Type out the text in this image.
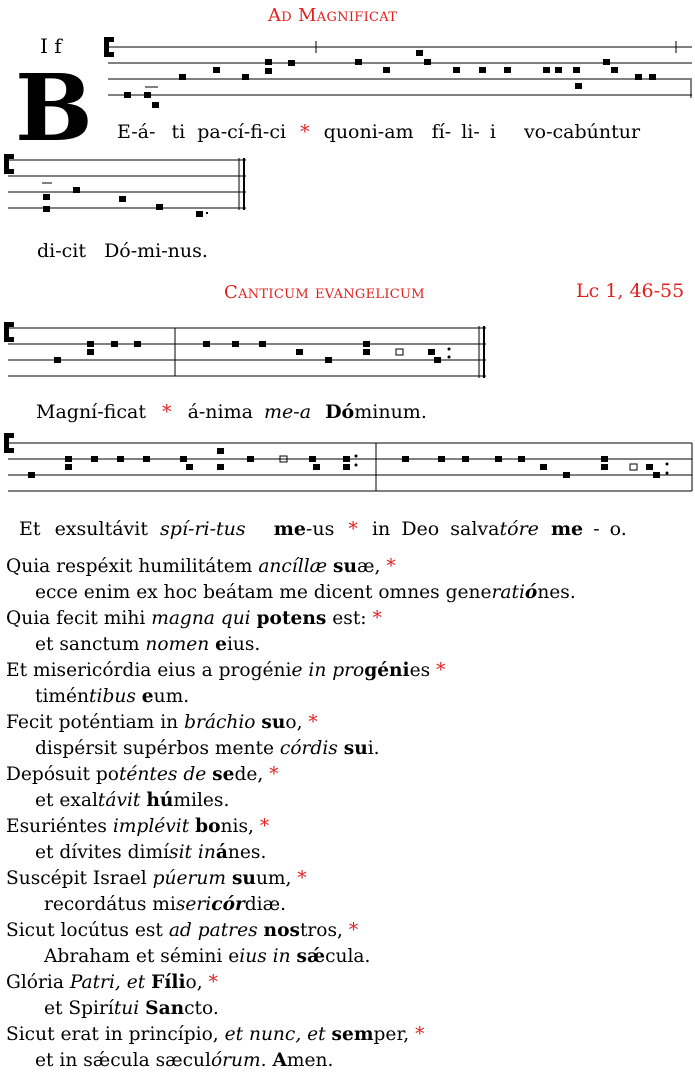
Ad Magnificat
I f
B E-á- ti pa-cí-fi-ci * quoni-am fí- li- i vo-cabúntur
di-cit Dó-mi-nus.
Canticum evangelicum	Lc 1, 46-55
Magní-ficat * á-nima me-a Dóminum.
Et exsultávit spí-ri-tus me-us * in Deo salvatóre me - o.
Quia respéxit humilitátem ancíllæ suæ, *
ecce enim ex hoc beátam me dicent omnes generatiónes.
Quia fecit mihi magna qui potens est: *
et sanctum nomen eius.
Et misericórdia eius a progénie in progénies *
timéntibus eum.
Fecit poténtiam in bráchio suo, *
dispérsit supérbos mente córdis sui.
Depósuit poténtes de sede, *
et exaltávit húmiles.
Esuriéntes implévit bonis, *
et dívites dimísit inánes.
Suscépit Israel púerum suum, *
recordátus misericórdiæ.
Sicut locútus est ad patres nostros, *
Abraham et sémini eius in sǽcula.
Glória Patri, et Fílio, *
et Spirítui Sancto.
Sicut erat in princípio, et nunc, et semper, *
et in sǽcula sæculórum. Amen.
